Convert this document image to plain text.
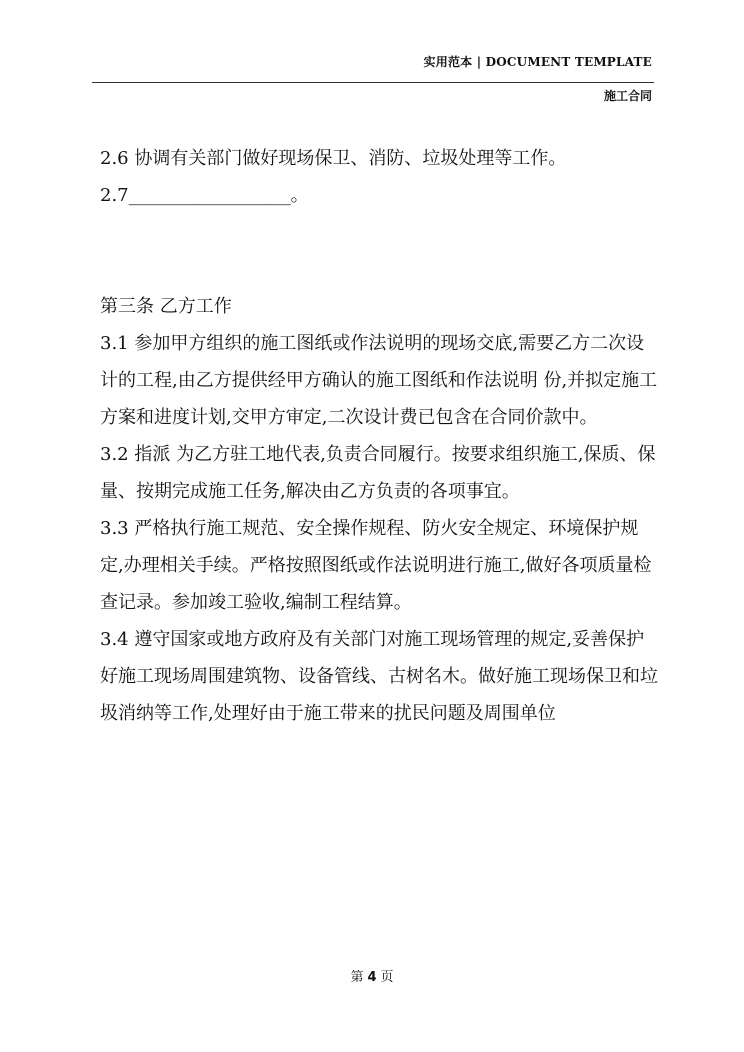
实用范本 | DOCUMENT TEMPLATE
施工合同

2.6 协调有关部门做好现场保卫、消防、垃圾处理等工作。

2.7__________________。

第三条 乙方工作

3.1 参加甲方组织的施工图纸或作法说明的现场交底,需要乙方二次设计的工程,由乙方提供经甲方确认的施工图纸和作法说明 份,并拟定施工方案和进度计划,交甲方审定,二次设计费已包含在合同价款中。

3.2 指派 为乙方驻工地代表,负责合同履行。按要求组织施工,保质、保量、按期完成施工任务,解决由乙方负责的各项事宜。

3.3 严格执行施工规范、安全操作规程、防火安全规定、环境保护规定,办理相关手续。严格按照图纸或作法说明进行施工,做好各项质量检查记录。参加竣工验收,编制工程结算。

3.4 遵守国家或地方政府及有关部门对施工现场管理的规定,妥善保护好施工现场周围建筑物、设备管线、古树名木。做好施工现场保卫和垃圾消纳等工作,处理好由于施工带来的扰民问题及周围单位

第 4 页
